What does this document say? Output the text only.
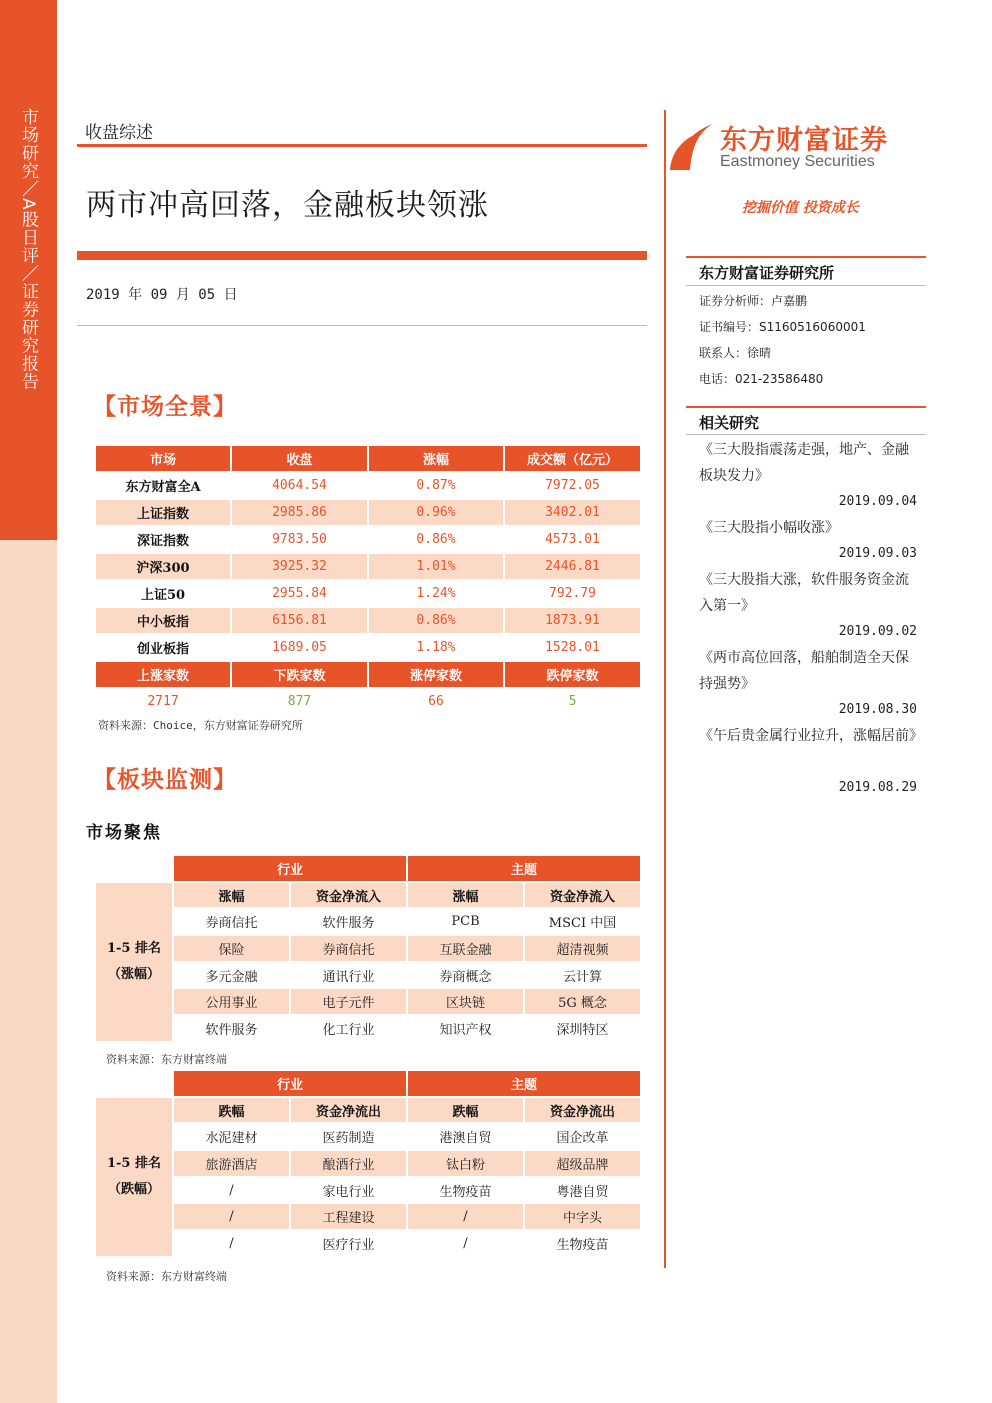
市场研究／A股日评／证券研究报告	收盘综述
两市冲高回落，金融板块领涨
2019 年 09 月 05 日
【市场全景】
市场	收盘	涨幅	成交额（亿元）
东方财富全A	4064.54	0.87%	7972.05
上证指数	2985.86	0.96%	3402.01
深证指数	9783.50	0.86%	4573.01
沪深300	3925.32	1.01%	2446.81
上证50	2955.84	1.24%	792.79
中小板指	6156.81	0.86%	1873.91
创业板指	1689.05	1.18%	1528.01
上涨家数	下跌家数	涨停家数	跌停家数
2717	877	66	5
资料来源：Choice，东方财富证券研究所
【板块监测】
市场聚焦
	行业		主题	

1-5 排名
（涨幅）	涨幅	资金净流入	涨幅	资金净流入
	券商信托	软件服务	PCB	MSCI 中国
	保险	券商信托	互联金融	超清视频
	多元金融	通讯行业	券商概念	云计算
	公用事业	电子元件	区块链	5G 概念
	软件服务	化工行业	知识产权	深圳特区
资料来源：东方财富终端
	行业		主题	

1-5 排名
（跌幅）	跌幅	资金净流出	跌幅	资金净流出
	水泥建材	医药制造	港澳自贸	国企改革
	旅游酒店	酿酒行业	钛白粉	超级品牌
	/	家电行业	生物疫苗	粤港自贸
	/	工程建设	/	中字头
	/	医疗行业	/	生物疫苗
资料来源：东方财富终端
东方财富证券
Eastmoney Securities
挖掘价值 投资成长
东方财富证券研究所
证券分析师：卢嘉鹏
证书编号：S1160516060001
联系人：徐晴
电话：021-23586480
相关研究
《三大股指震荡走强，地产、金融板块发力》
2019.09.04
《三大股指小幅收涨》
2019.09.03
《三大股指大涨，软件服务资金流入第一》
2019.09.02
《两市高位回落，船舶制造全天保持强势》
2019.08.30
《午后贵金属行业拉升，涨幅居前》
2019.08.29
